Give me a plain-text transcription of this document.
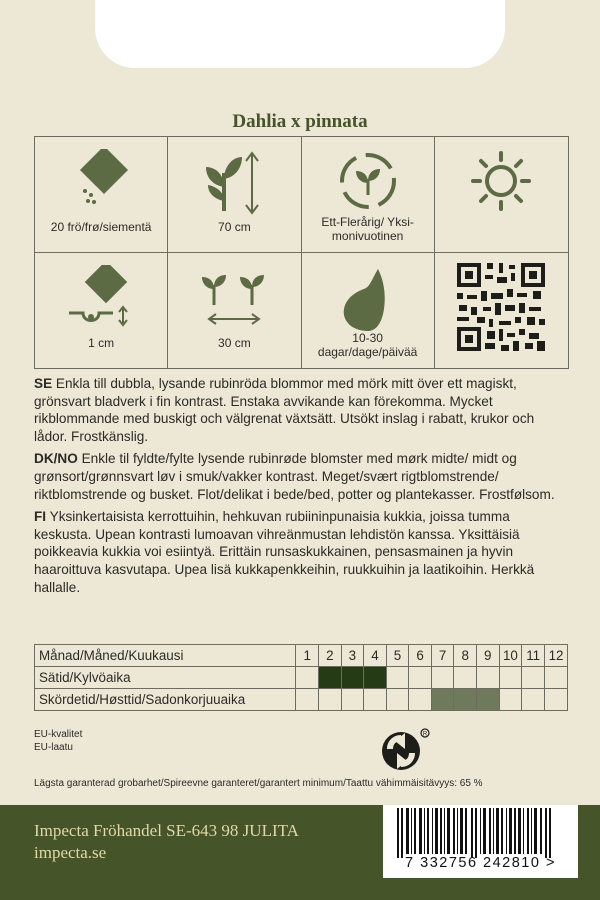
Dahlia x pinnata
20 frö/frø/siementä	70 cm	Ett-Flerårig/ Yksi-monivuotinen
1 cm	30 cm	10-30 dagar/dage/päivää

SE Enkla till dubbla, lysande rubinröda blommor med mörk mitt över ett magiskt, grönsvart bladverk i fin kontrast. Enstaka avvikande kan förekomma. Mycket rikblommande med buskigt och välgrenat växtsätt. Utsökt inslag i rabatt, krukor och lådor. Frostkänslig.

DK/NO Enkle til fyldte/fylte lysende rubinrøde blomster med mørk midte/ midt og grønsort/grønnsvart løv i smuk/vakker kontrast. Meget/svært rigtblomstrende/ riktblomstrende og busket. Flot/delikat i bede/bed, potter og plantekasser. Frostfølsom.

FI Yksinkertaisista kerrottuihin, hehkuvan rubiininpunaisia kukkia, joissa tumma keskusta. Upean kontrasti lumoavan vihreänmustan lehdistön kanssa. Yksittäisiä poikkeavia kukkia voi esiintyä. Erittäin runsaskukkainen, pensasmainen ja hyvin haaroittuva kasvutapa. Upea lisä kukkapenkkeihin, ruukkuihin ja laatikoihin. Herkkä hallalle.

Månad/Måned/Kuukausi	1	2	3	4	5	6	7	8	9	10	11	12
Sätid/Kylvöaika												
Skördetid/Høsttid/Sadonkorjuuaika												
EU-kvalitet
EU-laatu
R
Lägsta garanterad grobarhet/Spireevne garanteret/garantert minimum/Taattu vähimmäisitävyys: 65 %
Impecta Fröhandel SE-643 98 JULITA
impecta.se
7 332756 242810 >
